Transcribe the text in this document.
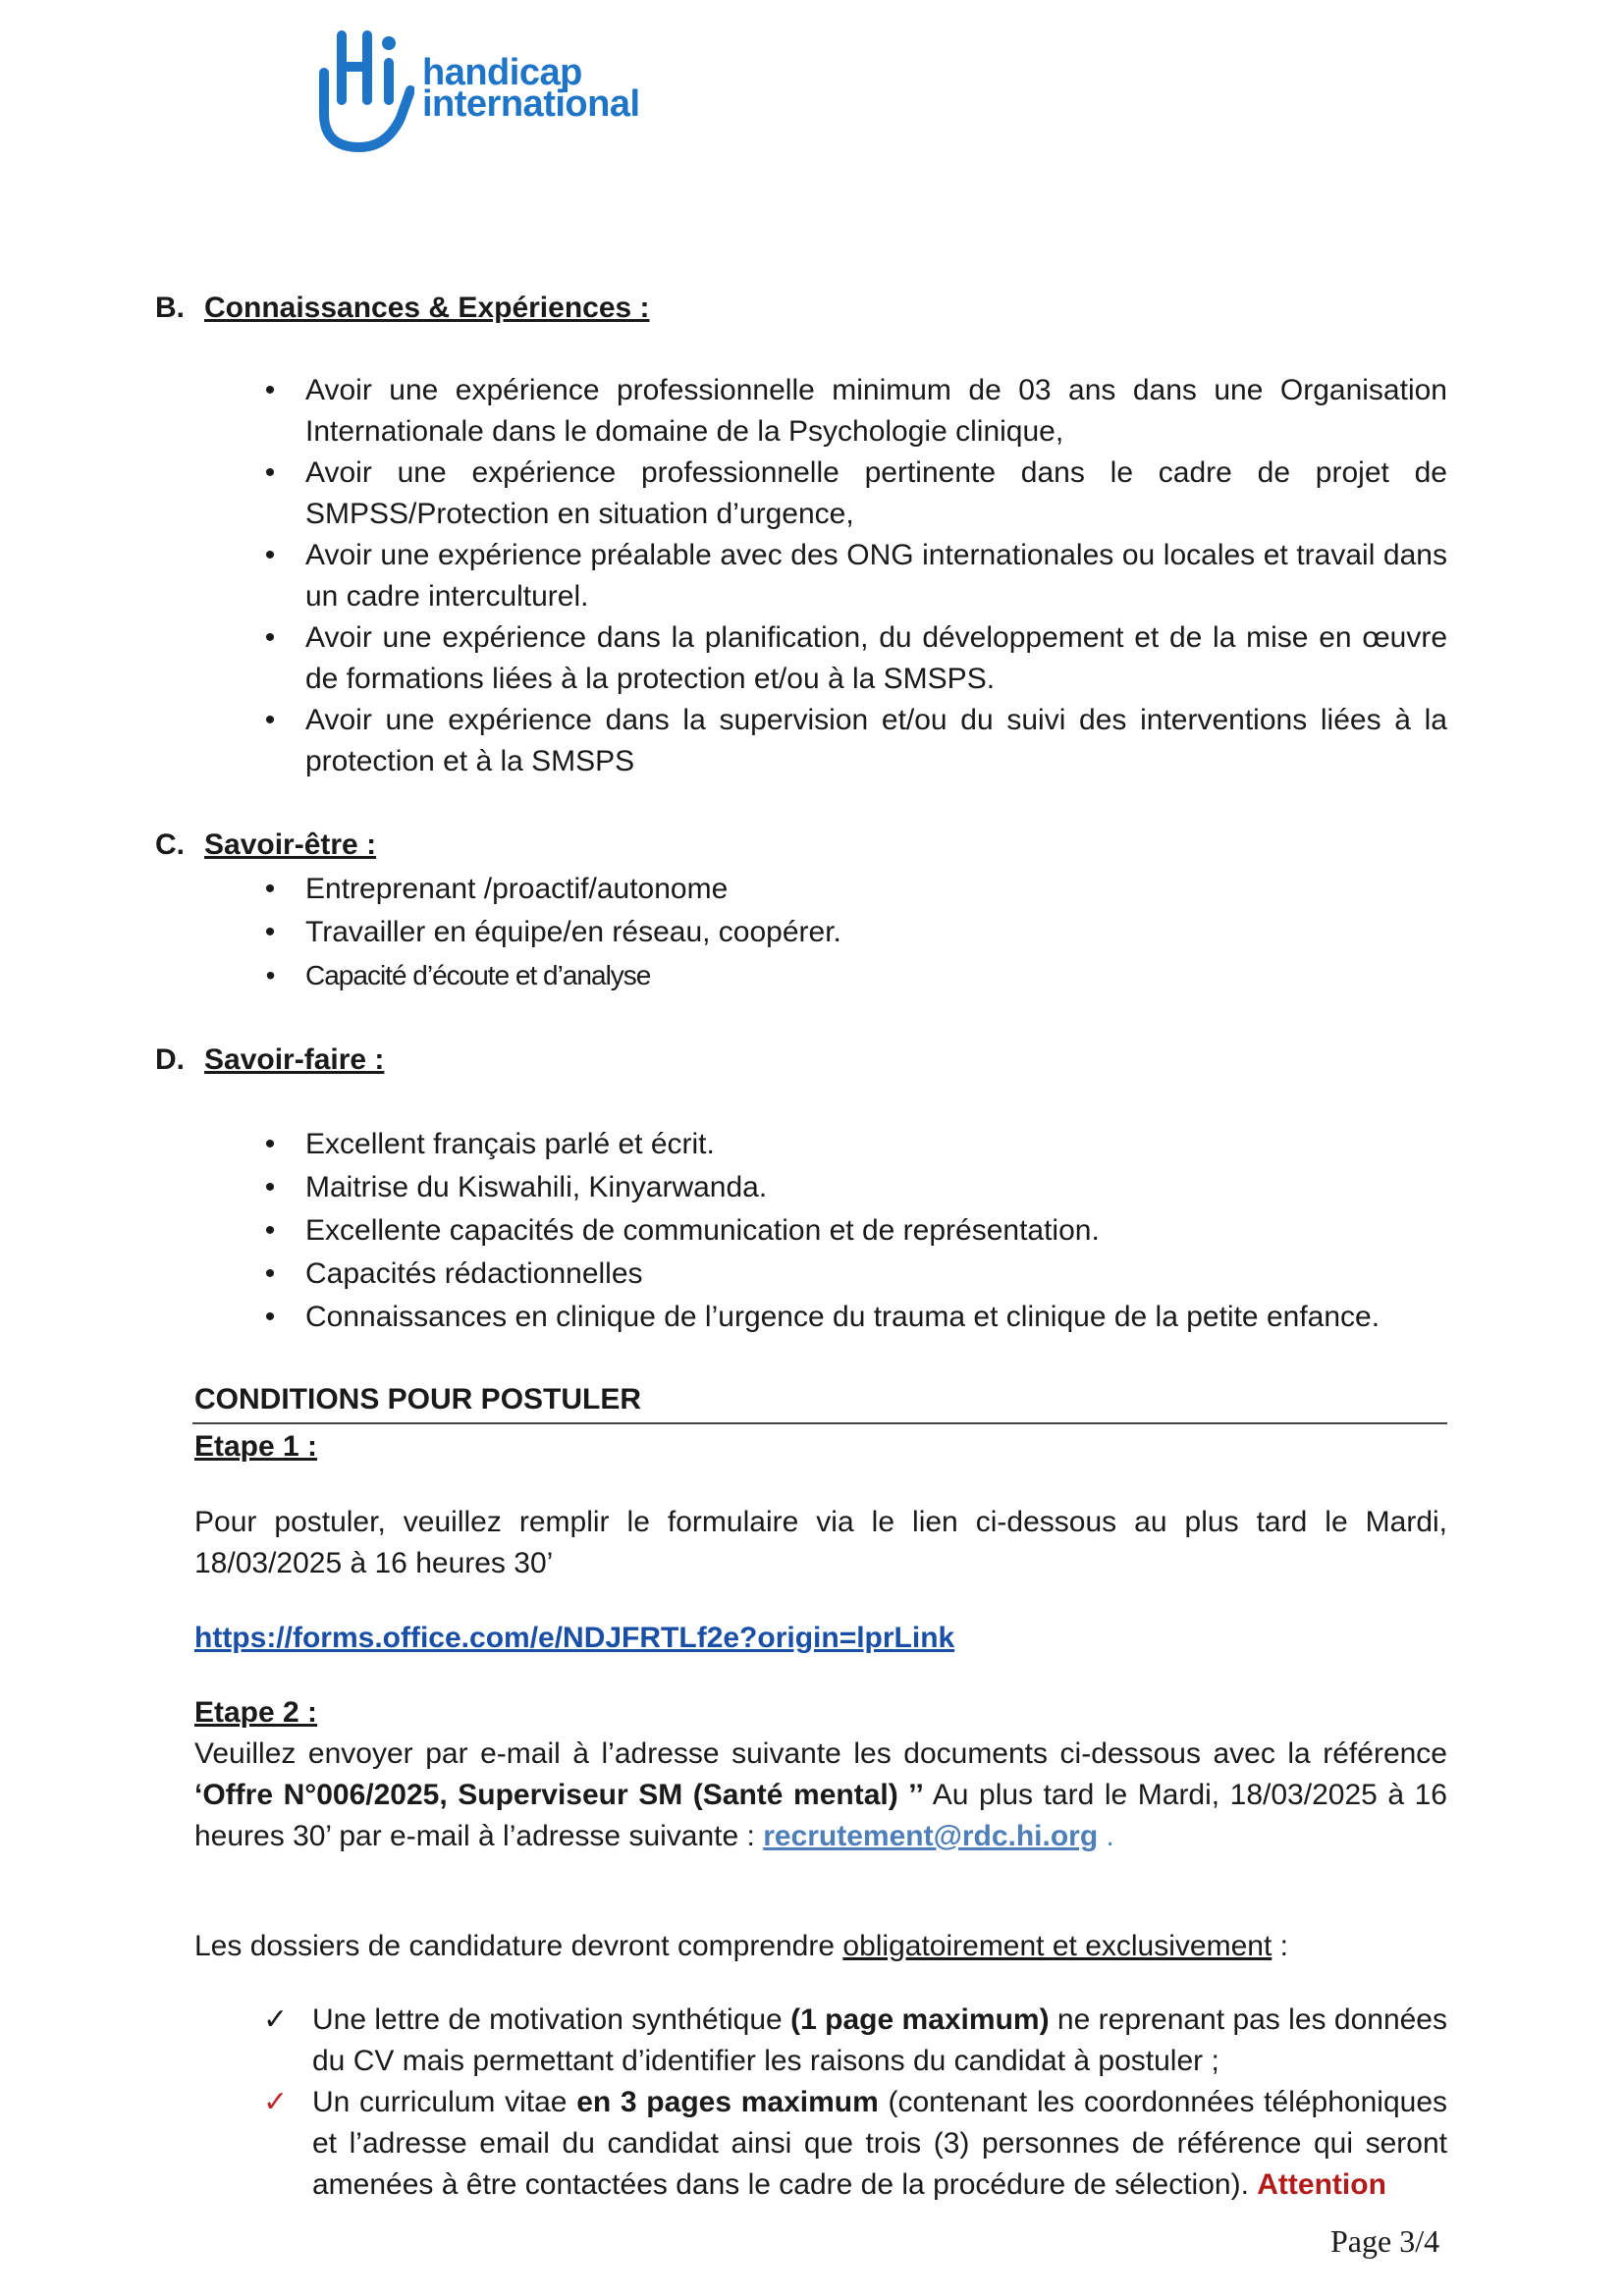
handicap
international
B. Connaissances & Expériences :
• Avoir une expérience professionnelle minimum de 03 ans dans une Organisation Internationale dans le domaine de la Psychologie clinique,
• Avoir une expérience professionnelle pertinente dans le cadre de projet de SMPSS/Protection en situation d’urgence,
• Avoir une expérience préalable avec des ONG internationales ou locales et travail dans un cadre interculturel.
• Avoir une expérience dans la planification, du développement et de la mise en œuvre de formations liées à la protection et/ou à la SMSPS.
• Avoir une expérience dans la supervision et/ou du suivi des interventions liées à la protection et à la SMSPS
C. Savoir-être :
• Entreprenant /proactif/autonome
• Travailler en équipe/en réseau, coopérer.
• Capacité d’écoute et d’analyse
D. Savoir-faire :
• Excellent français parlé et écrit.
• Maitrise du Kiswahili, Kinyarwanda.
• Excellente capacités de communication et de représentation.
• Capacités rédactionnelles
• Connaissances en clinique de l’urgence du trauma et clinique de la petite enfance.
CONDITIONS POUR POSTULER
Etape 1 :
Pour postuler, veuillez remplir le formulaire via le lien ci-dessous au plus tard le Mardi, 18/03/2025 à 16 heures 30’
https://forms.office.com/e/NDJFRTLf2e?origin=lprLink
Etape 2 :
Veuillez envoyer par e-mail à l’adresse suivante les documents ci-dessous avec la référence ‘Offre N°006/2025, Superviseur SM (Santé mental) ’’ Au plus tard le Mardi, 18/03/2025 à 16 heures 30’ par e-mail à l’adresse suivante : recrutement@rdc.hi.org .
Les dossiers de candidature devront comprendre obligatoirement et exclusivement :
✓ Une lettre de motivation synthétique (1 page maximum) ne reprenant pas les données du CV mais permettant d’identifier les raisons du candidat à postuler ;
✓ Un curriculum vitae en 3 pages maximum (contenant les coordonnées téléphoniques et l’adresse email du candidat ainsi que trois (3) personnes de référence qui seront amenées à être contactées dans le cadre de la procédure de sélection). Attention
Page 3/4
